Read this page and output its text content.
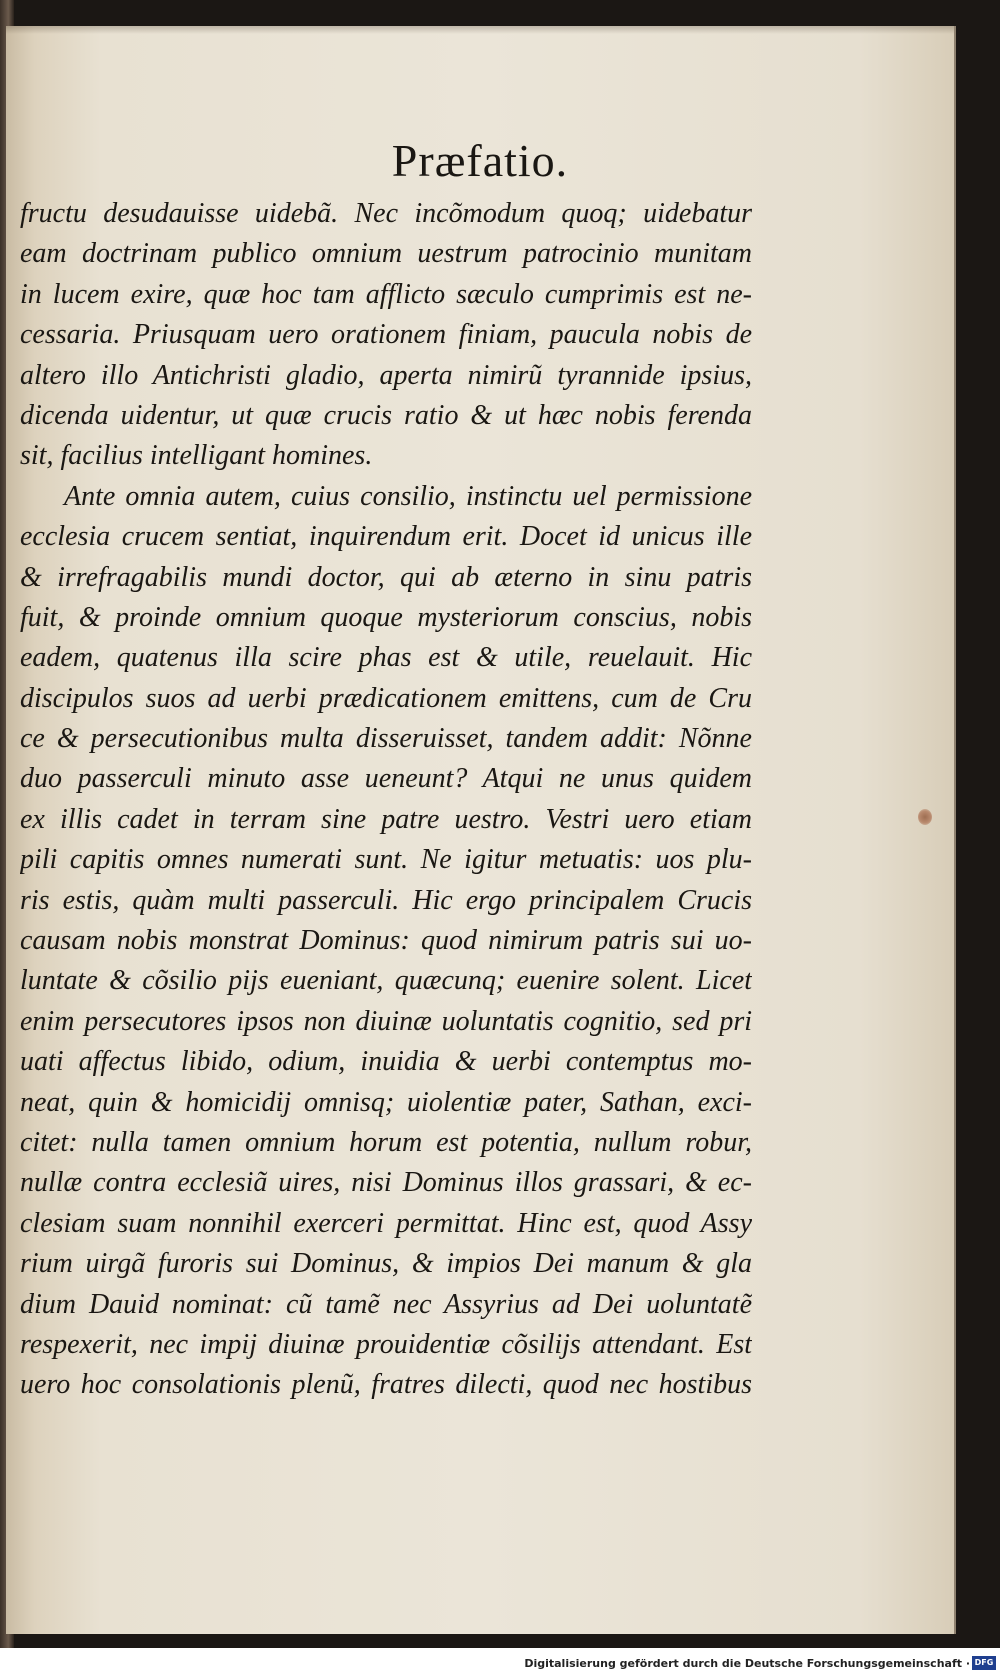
Præfatio.
fructu desudauisse uidebã. Nec incõmodum quoq; uidebatur
eam doctrinam publico omnium uestrum patrocinio munitam
in lucem exire, quæ hoc tam afflicto sæculo cumprimis est ne-
cessaria. Priusquam uero orationem finiam, paucula nobis de
altero illo Antichristi gladio, aperta nimirũ tyrannide ipsius,
dicenda uidentur, ut quæ crucis ratio & ut hæc nobis ferenda
sit, facilius intelligant homines.
Ante omnia autem, cuius consilio, instinctu uel permissione
ecclesia crucem sentiat, inquirendum erit. Docet id unicus ille
& irrefragabilis mundi doctor, qui ab æterno in sinu patris
fuit, & proinde omnium quoque mysteriorum conscius, nobis
eadem, quatenus illa scire phas est & utile, reuelauit. Hic
discipulos suos ad uerbi prædicationem emittens, cum de Cru
ce & persecutionibus multa disseruisset, tandem addit: Nõnne
duo passerculi minuto asse ueneunt? Atqui ne unus quidem
ex illis cadet in terram sine patre uestro. Vestri uero etiam
pili capitis omnes numerati sunt. Ne igitur metuatis: uos plu-
ris estis, quàm multi passerculi. Hic ergo principalem Crucis
causam nobis monstrat Dominus: quod nimirum patris sui uo-
luntate & cõsilio pijs eueniant, quæcunq; euenire solent. Licet
enim persecutores ipsos non diuinæ uoluntatis cognitio, sed pri
uati affectus libido, odium, inuidia & uerbi contemptus mo-
neat, quin & homicidij omnisq; uiolentiæ pater, Sathan, exci-
citet: nulla tamen omnium horum est potentia, nullum robur,
nullæ contra ecclesiã uires, nisi Dominus illos grassari, & ec-
clesiam suam nonnihil exerceri permittat. Hinc est, quod Assy
rium uirgã furoris sui Dominus, & impios Dei manum & gla
dium Dauid nominat: cũ tamẽ nec Assyrius ad Dei uoluntatẽ
respexerit, nec impij diuinæ prouidentiæ cõsilijs attendant. Est
uero hoc consolationis plenũ, fratres dilecti, quod nec hostibus
Digitalisierung gefördert durch die Deutsche Forschungsgemeinschaft · DFG
